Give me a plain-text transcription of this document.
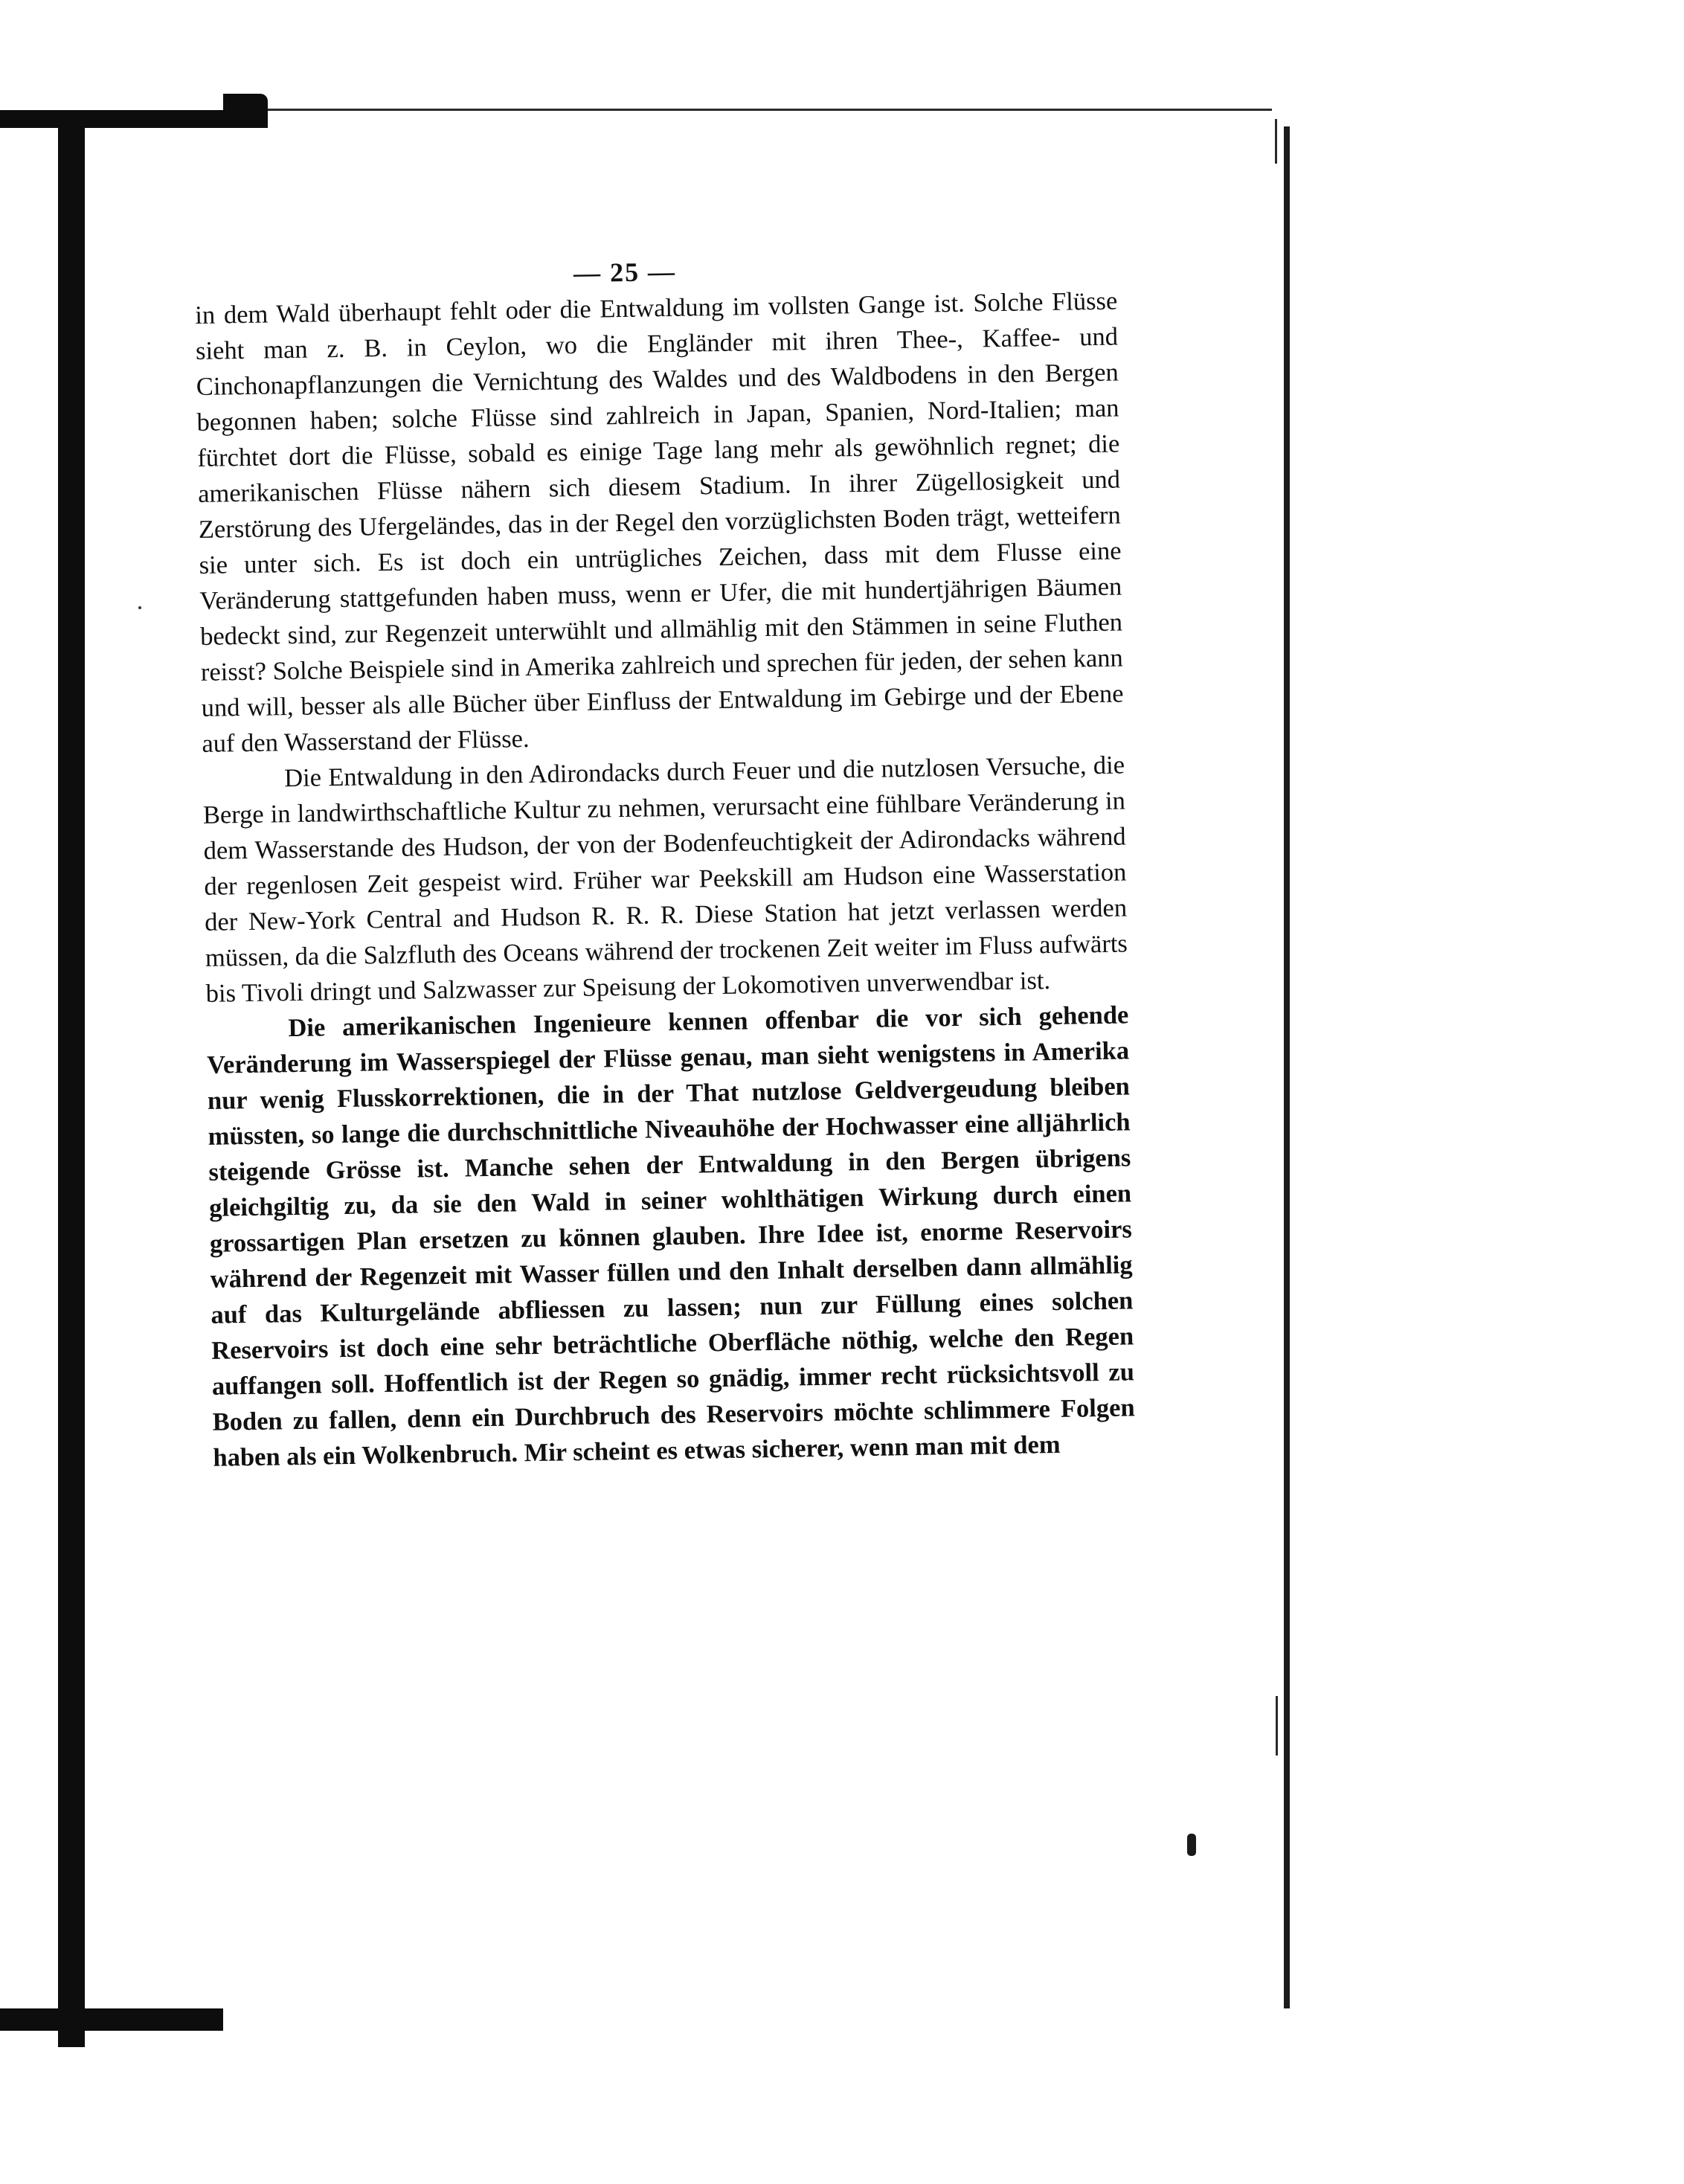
— 25 —

in dem Wald überhaupt fehlt oder die Entwaldung im vollsten Gange ist. Solche Flüsse sieht man z. B. in Ceylon, wo die Engländer mit ihren Thee-, Kaffee- und Cinchonapflanzungen die Vernichtung des Waldes und des Waldbodens in den Bergen begonnen haben; solche Flüsse sind zahlreich in Japan, Spanien, Nord-Italien; man fürchtet dort die Flüsse, sobald es einige Tage lang mehr als gewöhnlich regnet; die amerikanischen Flüsse nähern sich diesem Stadium. In ihrer Zügellosigkeit und Zerstörung des Ufergeländes, das in der Regel den vorzüglichsten Boden trägt, wetteifern sie unter sich. Es ist doch ein untrügliches Zeichen, dass mit dem Flusse eine Veränderung stattgefunden haben muss, wenn er Ufer, die mit hundertjährigen Bäumen bedeckt sind, zur Regenzeit unterwühlt und allmählig mit den Stämmen in seine Fluthen reisst? Solche Beispiele sind in Amerika zahlreich und sprechen für jeden, der sehen kann und will, besser als alle Bücher über Einfluss der Entwaldung im Gebirge und der Ebene auf den Wasserstand der Flüsse.

Die Entwaldung in den Adirondacks durch Feuer und die nutzlosen Versuche, die Berge in landwirthschaftliche Kultur zu nehmen, verursacht eine fühlbare Veränderung in dem Wasserstande des Hudson, der von der Bodenfeuchtigkeit der Adirondacks während der regenlosen Zeit gespeist wird. Früher war Peekskill am Hudson eine Wasserstation der New-York Central and Hudson R. R. R. Diese Station hat jetzt verlassen werden müssen, da die Salzfluth des Oceans während der trockenen Zeit weiter im Fluss aufwärts bis Tivoli dringt und Salzwasser zur Speisung der Lokomotiven unverwendbar ist.

Die amerikanischen Ingenieure kennen offenbar die vor sich gehende Veränderung im Wasserspiegel der Flüsse genau, man sieht wenigstens in Amerika nur wenig Flusskorrektionen, die in der That nutzlose Geldvergeudung bleiben müssten, so lange die durchschnittliche Niveauhöhe der Hochwasser eine alljährlich steigende Grösse ist. Manche sehen der Entwaldung in den Bergen übrigens gleichgiltig zu, da sie den Wald in seiner wohlthätigen Wirkung durch einen grossartigen Plan ersetzen zu können glauben. Ihre Idee ist, enorme Reservoirs während der Regenzeit mit Wasser füllen und den Inhalt derselben dann allmählig auf das Kulturgelände abfliessen zu lassen; nun zur Füllung eines solchen Reservoirs ist doch eine sehr beträchtliche Oberfläche nöthig, welche den Regen auffangen soll. Hoffentlich ist der Regen so gnädig, immer recht rücksichtsvoll zu Boden zu fallen, denn ein Durchbruch des Reservoirs möchte schlimmere Folgen haben als ein Wolkenbruch. Mir scheint es etwas sicherer, wenn man mit dem
